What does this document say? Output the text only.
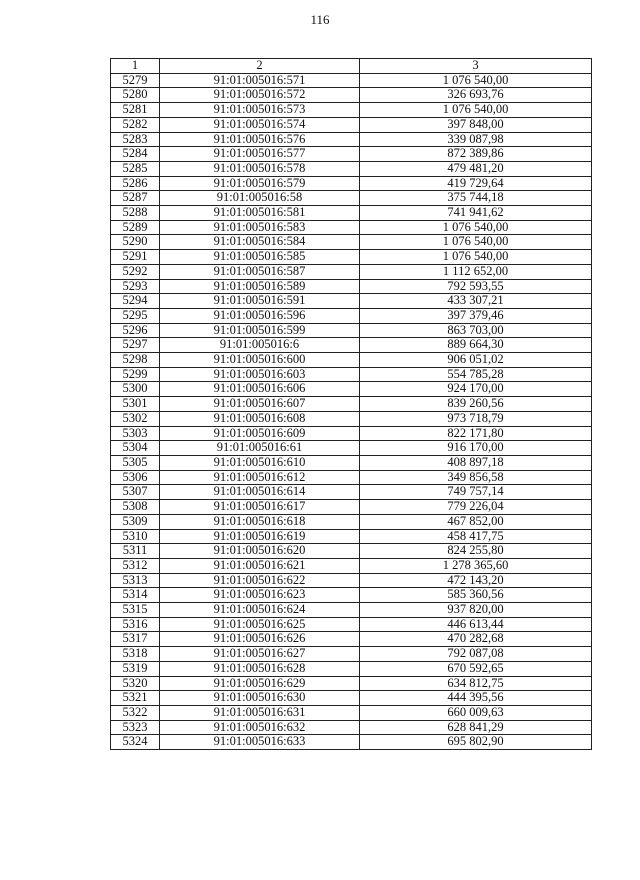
116
1	2	3
5279	91:01:005016:571	1 076 540,00
5280	91:01:005016:572	326 693,76
5281	91:01:005016:573	1 076 540,00
5282	91:01:005016:574	397 848,00
5283	91:01:005016:576	339 087,98
5284	91:01:005016:577	872 389,86
5285	91:01:005016:578	479 481,20
5286	91:01:005016:579	419 729,64
5287	91:01:005016:58	375 744,18
5288	91:01:005016:581	741 941,62
5289	91:01:005016:583	1 076 540,00
5290	91:01:005016:584	1 076 540,00
5291	91:01:005016:585	1 076 540,00
5292	91:01:005016:587	1 112 652,00
5293	91:01:005016:589	792 593,55
5294	91:01:005016:591	433 307,21
5295	91:01:005016:596	397 379,46
5296	91:01:005016:599	863 703,00
5297	91:01:005016:6	889 664,30
5298	91:01:005016:600	906 051,02
5299	91:01:005016:603	554 785,28
5300	91:01:005016:606	924 170,00
5301	91:01:005016:607	839 260,56
5302	91:01:005016:608	973 718,79
5303	91:01:005016:609	822 171,80
5304	91:01:005016:61	916 170,00
5305	91:01:005016:610	408 897,18
5306	91:01:005016:612	349 856,58
5307	91:01:005016:614	749 757,14
5308	91:01:005016:617	779 226,04
5309	91:01:005016:618	467 852,00
5310	91:01:005016:619	458 417,75
5311	91:01:005016:620	824 255,80
5312	91:01:005016:621	1 278 365,60
5313	91:01:005016:622	472 143,20
5314	91:01:005016:623	585 360,56
5315	91:01:005016:624	937 820,00
5316	91:01:005016:625	446 613,44
5317	91:01:005016:626	470 282,68
5318	91:01:005016:627	792 087,08
5319	91:01:005016:628	670 592,65
5320	91:01:005016:629	634 812,75
5321	91:01:005016:630	444 395,56
5322	91:01:005016:631	660 009,63
5323	91:01:005016:632	628 841,29
5324	91:01:005016:633	695 802,90
